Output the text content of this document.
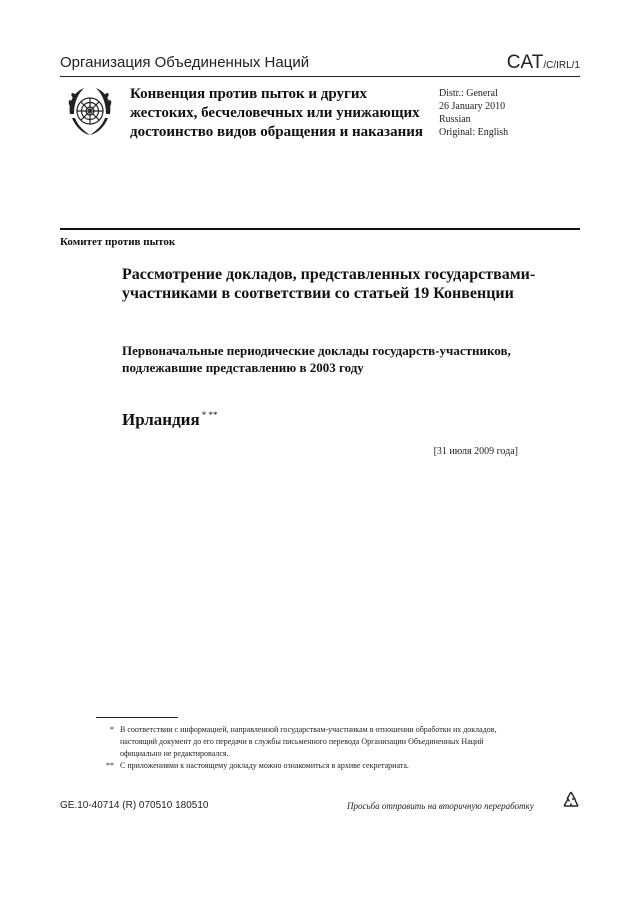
Организация Объединенных Наций	CAT/C/IRL/1
Конвенция против пыток и других жестоких, бесчеловечных или унижающих достоинство видов обращения и наказания
Distr.: General
26 January 2010
Russian
Original: English
Комитет против пыток
Рассмотрение докладов, представленных государствами-участниками в соответствии со статьей 19 Конвенции
Первоначальные периодические доклады государств-участников, подлежавшие представлению в 2003 году
Ирландия * **
[31 июля 2009 года]
* В соответствии с информацией, направленной государствам-участникам в отношении обработки их докладов, настоящий документ до его передачи в службы письменного перевода Организации Объединенных Наций официально не редактировался.
** С приложениями к настоящему докладу можно ознакомиться в архиве секретариата.
GE.10-40714 (R) 070510 180510	Просьба отправить на вторичную переработку
